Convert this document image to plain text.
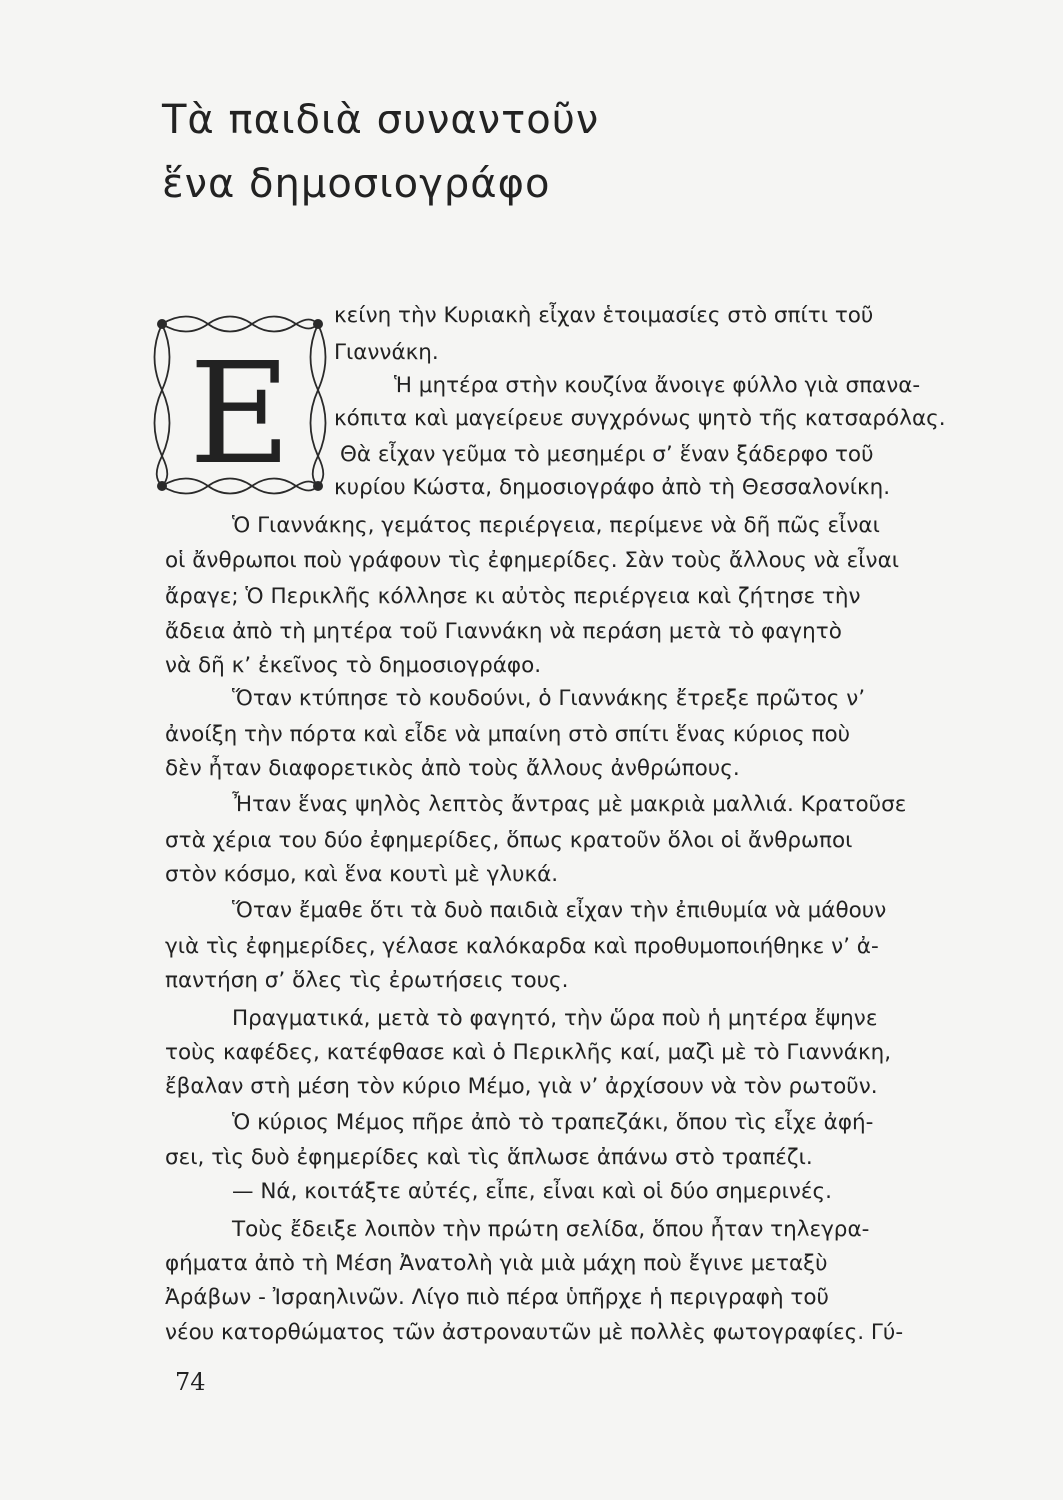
Τὰ παιδιὰ συναντοῦν
ἕνα δημοσιογράφο
Ε
κείνη τὴν Κυριακὴ εἶχαν ἑτοιμασίες στὸ σπίτι τοῦ
Γιαννάκη.
Ἡ μητέρα στὴν κουζίνα ἄνοιγε φύλλο γιὰ σπανα-
κόπιτα καὶ μαγείρευε συγχρόνως ψητὸ τῆς κατσαρόλας.
Θὰ εἶχαν γεῦμα τὸ μεσημέρι σ’ ἕναν ξάδερφο τοῦ
κυρίου Κώστα, δημοσιογράφο ἀπὸ τὴ Θεσσαλονίκη.
Ὁ Γιαννάκης, γεμάτος περιέργεια, περίμενε νὰ δῆ πῶς εἶναι
οἱ ἄνθρωποι ποὺ γράφουν τὶς ἐφημερίδες. Σὰν τοὺς ἄλλους νὰ εἶναι
ἄραγε; Ὁ Περικλῆς κόλλησε κι αὐτὸς περιέργεια καὶ ζήτησε τὴν
ἄδεια ἀπὸ τὴ μητέρα τοῦ Γιαννάκη νὰ περάση μετὰ τὸ φαγητὸ
νὰ δῆ κ’ ἐκεῖνος τὸ δημοσιογράφο.
Ὅταν κτύπησε τὸ κουδούνι, ὁ Γιαννάκης ἔτρεξε πρῶτος ν’
ἀνοίξη τὴν πόρτα καὶ εἶδε νὰ μπαίνη στὸ σπίτι ἕνας κύριος ποὺ
δὲν ἦταν διαφορετικὸς ἀπὸ τοὺς ἄλλους ἀνθρώπους.
Ἦταν ἕνας ψηλὸς λεπτὸς ἄντρας μὲ μακριὰ μαλλιά. Κρατοῦσε
στὰ χέρια του δύο ἐφημερίδες, ὅπως κρατοῦν ὅλοι οἱ ἄνθρωποι
στὸν κόσμο, καὶ ἕνα κουτὶ μὲ γλυκά.
Ὅταν ἔμαθε ὅτι τὰ δυὸ παιδιὰ εἶχαν τὴν ἐπιθυμία νὰ μάθουν
γιὰ τὶς ἐφημερίδες, γέλασε καλόκαρδα καὶ προθυμοποιήθηκε ν’ ἀ-
παντήση σ’ ὅλες τὶς ἐρωτήσεις τους.
Πραγματικά, μετὰ τὸ φαγητό, τὴν ὥρα ποὺ ἡ μητέρα ἔψηνε
τοὺς καφέδες, κατέφθασε καὶ ὁ Περικλῆς καί, μαζὶ μὲ τὸ Γιαννάκη,
ἔβαλαν στὴ μέση τὸν κύριο Μέμο, γιὰ ν’ ἀρχίσουν νὰ τὸν ρωτοῦν.
Ὁ κύριος Μέμος πῆρε ἀπὸ τὸ τραπεζάκι, ὅπου τὶς εἶχε ἀφή-
σει, τὶς δυὸ ἐφημερίδες καὶ τὶς ἅπλωσε ἀπάνω στὸ τραπέζι.
— Νά, κοιτάξτε αὐτές, εἶπε, εἶναι καὶ οἱ δύο σημερινές.
Τοὺς ἔδειξε λοιπὸν τὴν πρώτη σελίδα, ὅπου ἦταν τηλεγρα-
φήματα ἀπὸ τὴ Μέση Ἀνατολὴ γιὰ μιὰ μάχη ποὺ ἔγινε μεταξὺ
Ἀράβων - Ἰσραηλινῶν. Λίγο πιὸ πέρα ὑπῆρχε ἡ περιγραφὴ τοῦ
νέου κατορθώματος τῶν ἀστροναυτῶν μὲ πολλὲς φωτογραφίες. Γύ-
74
